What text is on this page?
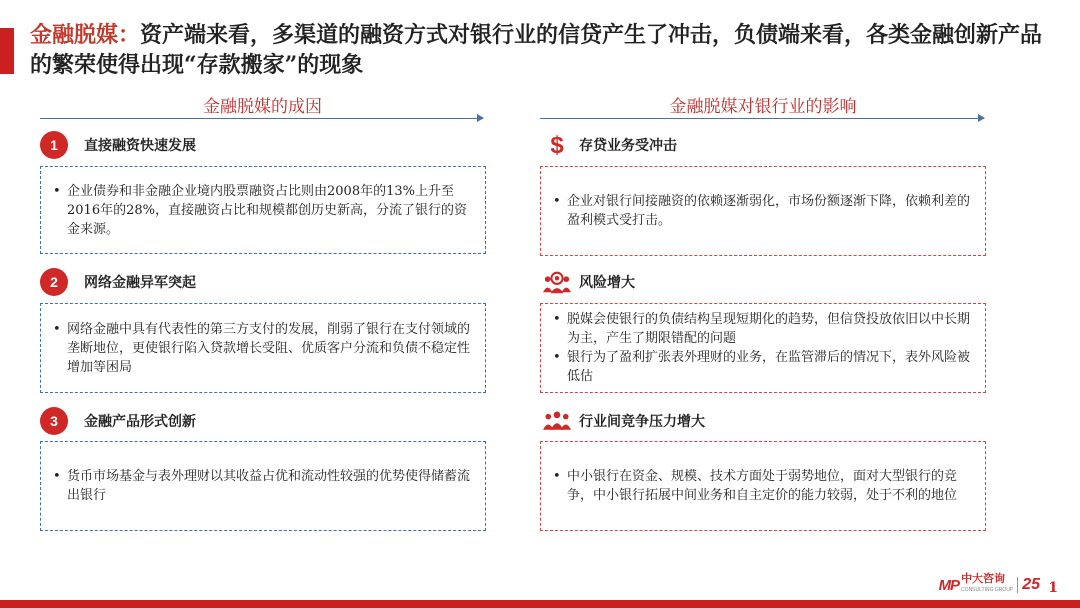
金融脱媒：资产端来看，多渠道的融资方式对银行业的信贷产生了冲击，负债端来看，各类金融创新产品的繁荣使得出现“存款搬家”的现象
金融脱媒的成因
1	直接融资快速发展
• 企业债券和非金融企业境内股票融资占比则由2008年的13%上升至2016年的28%，直接融资占比和规模都创历史新高，分流了银行的资金来源。
2	网络金融异军突起
• 网络金融中具有代表性的第三方支付的发展，削弱了银行在支付领域的垄断地位，更使银行陷入贷款增长受阻、优质客户分流和负债不稳定性增加等困局
3	金融产品形式创新
• 货币市场基金与表外理财以其收益占优和流动性较强的优势使得储蓄流出银行
金融脱媒对银行业的影响
$ 存贷业务受冲击
• 企业对银行间接融资的依赖逐渐弱化，市场份额逐渐下降，依赖利差的盈利模式受打击。
风险增大
• 脱媒会使银行的负债结构呈现短期化的趋势，但信贷投放依旧以中长期为主，产生了期限错配的问题
• 银行为了盈利扩张表外理财的业务，在监管滞后的情况下，表外风险被低估
行业间竞争压力增大
• 中小银行在资金、规模、技术方面处于弱势地位，面对大型银行的竞争，中小银行拓展中间业务和自主定价的能力较弱，处于不利的地位
MP 中大咨询
CONSULTING GROUP 25 1
